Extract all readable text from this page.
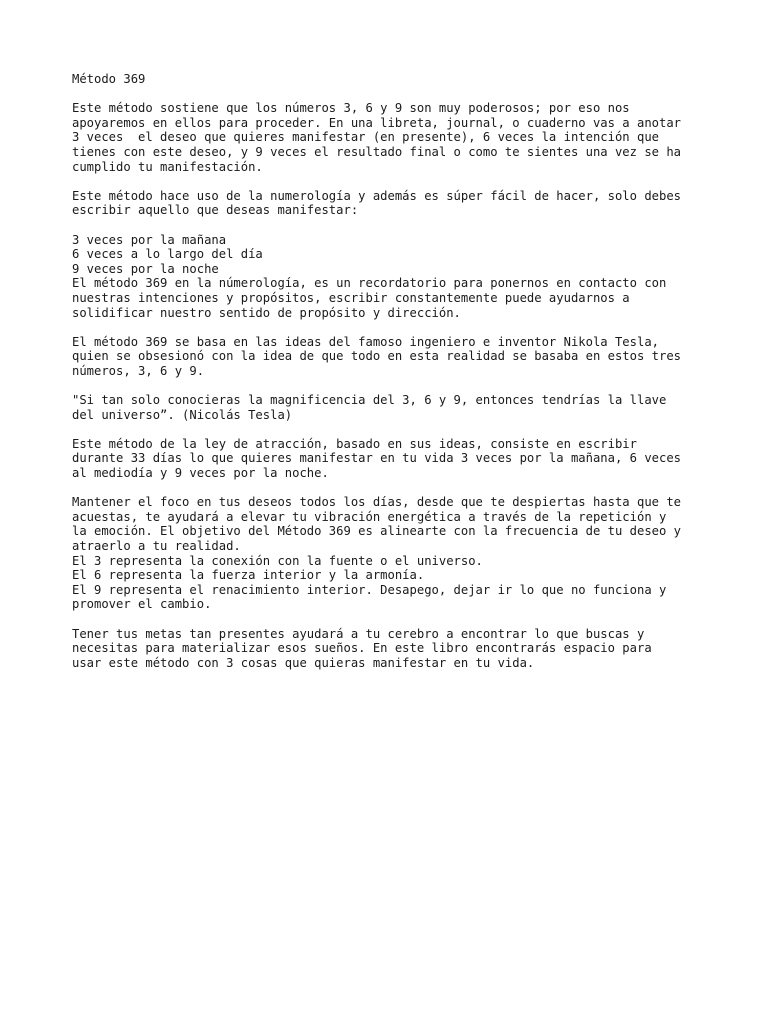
Método 369

Este método sostiene que los números 3, 6 y 9 son muy poderosos; por eso nos
apoyaremos en ellos para proceder. En una libreta, journal, o cuaderno vas a anotar
3 veces  el deseo que quieres manifestar (en presente), 6 veces la intención que
tienes con este deseo, y 9 veces el resultado final o como te sientes una vez se ha
cumplido tu manifestación.

Este método hace uso de la numerología y además es súper fácil de hacer, solo debes
escribir aquello que deseas manifestar:

3 veces por la mañana
6 veces a lo largo del día
9 veces por la noche
El método 369 en la númerología, es un recordatorio para ponernos en contacto con
nuestras intenciones y propósitos, escribir constantemente puede ayudarnos a
solidificar nuestro sentido de propósito y dirección.

El método 369 se basa en las ideas del famoso ingeniero e inventor Nikola Tesla,
quien se obsesionó con la idea de que todo en esta realidad se basaba en estos tres
números, 3, 6 y 9.

"Si tan solo conocieras la magnificencia del 3, 6 y 9, entonces tendrías la llave
del universo”. (Nicolás Tesla)

Este método de la ley de atracción, basado en sus ideas, consiste en escribir
durante 33 días lo que quieres manifestar en tu vida 3 veces por la mañana, 6 veces
al mediodía y 9 veces por la noche.

Mantener el foco en tus deseos todos los días, desde que te despiertas hasta que te
acuestas, te ayudará a elevar tu vibración energética a través de la repetición y
la emoción. El objetivo del Método 369 es alinearte con la frecuencia de tu deseo y
atraerlo a tu realidad.
El 3 representa la conexión con la fuente o el universo.
El 6 representa la fuerza interior y la armonía.
El 9 representa el renacimiento interior. Desapego, dejar ir lo que no funciona y
promover el cambio.

Tener tus metas tan presentes ayudará a tu cerebro a encontrar lo que buscas y
necesitas para materializar esos sueños. En este libro encontrarás espacio para
usar este método con 3 cosas que quieras manifestar en tu vida.
